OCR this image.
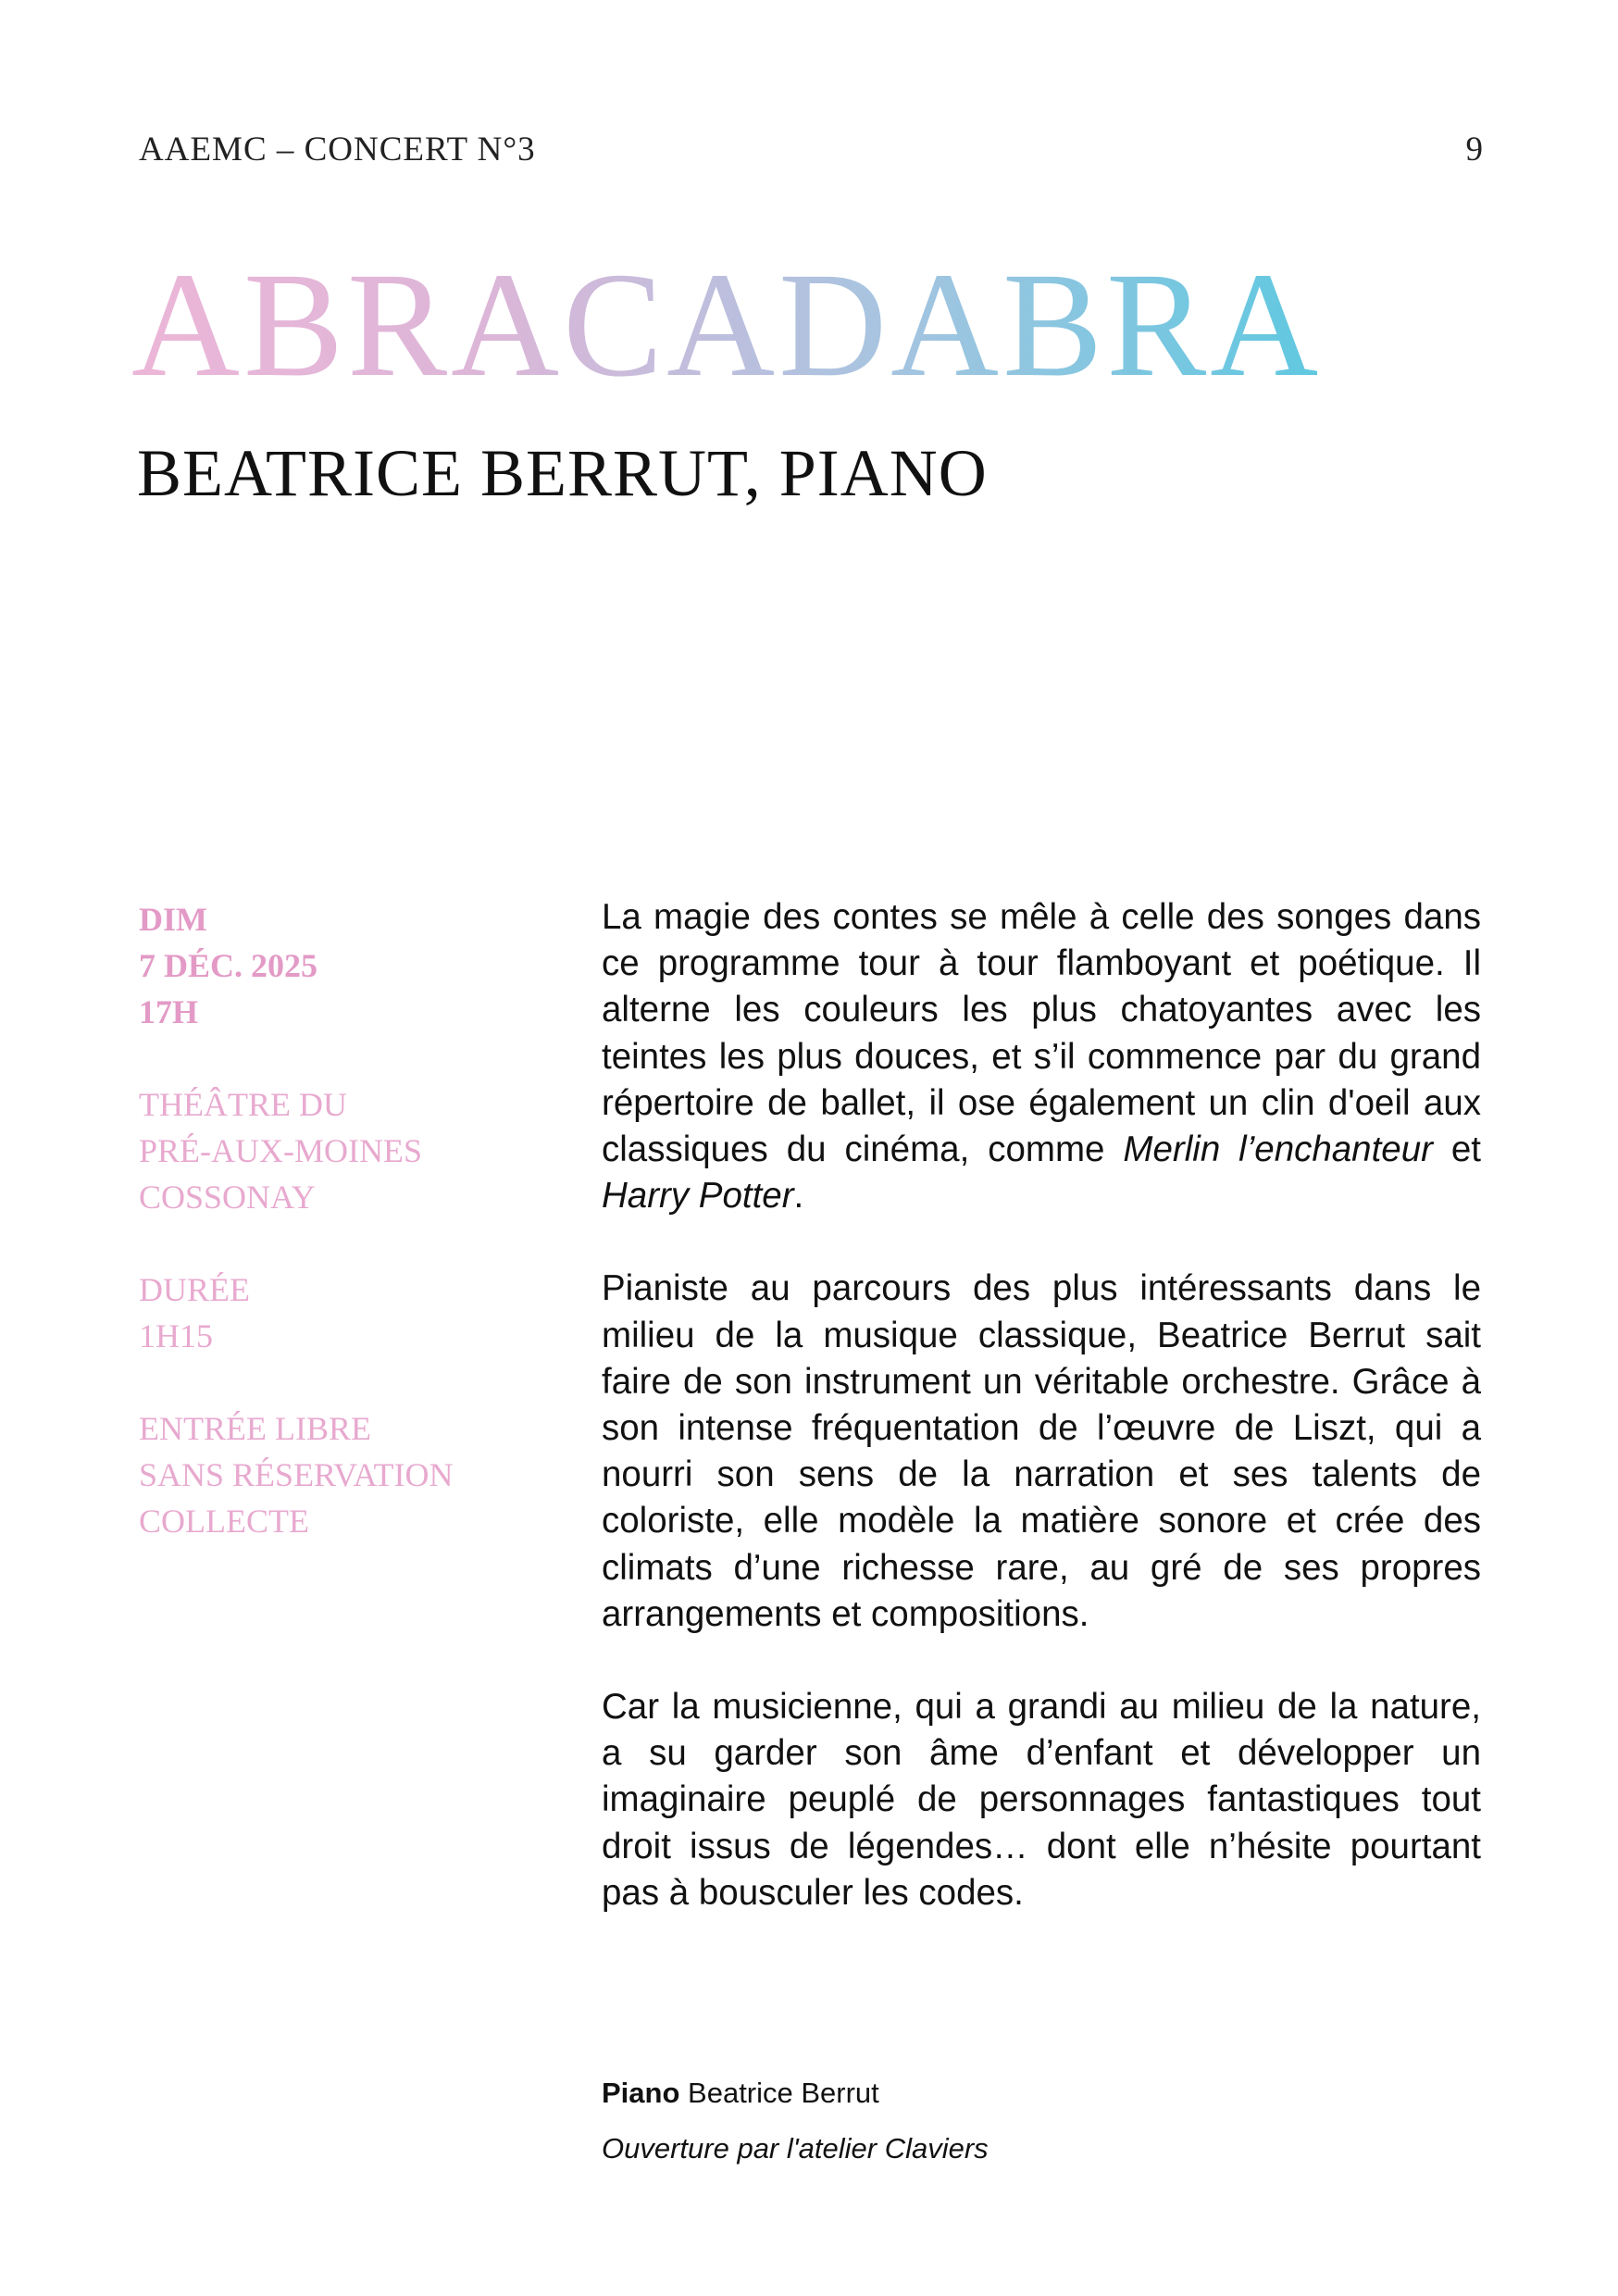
AAEMC – CONCERT N°3	9
ABRACADABRA
BEATRICE BERRUT, PIANO
DIM
7 DÉC. 2025
17H
THÉÂTRE DU
PRÉ-AUX-MOINES
COSSONAY
DURÉE
1H15
ENTRÉE LIBRE
SANS RÉSERVATION
COLLECTE

La magie des contes se mêle à celle des songes dans ce programme tour à tour flamboyant et poétique. Il alterne les couleurs les plus chatoyantes avec les teintes les plus douces, et s’il commence par du grand répertoire de ballet, il ose également un clin d'oeil aux classiques du cinéma, comme Merlin l’enchanteur et Harry Potter.

Pianiste au parcours des plus intéressants dans le milieu de la musique classique, Beatrice Berrut sait faire de son instrument un véritable orchestre. Grâce à son intense fréquentation de l’œuvre de Liszt, qui a nourri son sens de la narration et ses talents de coloriste, elle modèle la matière sonore et crée des climats d’une richesse rare, au gré de ses propres arrangements et compositions.

Car la musicienne, qui a grandi au milieu de la nature, a su garder son âme d’enfant et développer un imaginaire peuplé de personnages fantastiques tout droit issus de légendes… dont elle n’hésite pourtant pas à bousculer les codes.

Piano Beatrice Berrut
Ouverture par l'atelier Claviers
